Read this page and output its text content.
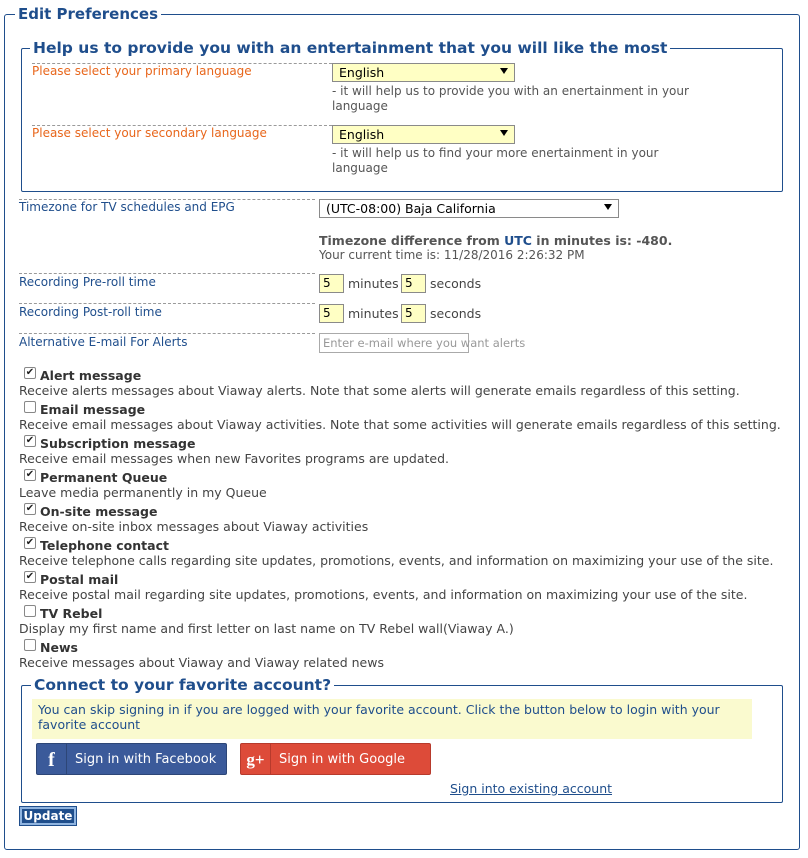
Edit Preferences
Help us to provide you with an entertainment that you will like the most
Please select your primary language	English
- it will help us to provide you with an enertainment in your language
Please select your secondary language	English
- it will help us to find your more enertainment in your language
Timezone for TV schedules and EPG	(UTC-08:00) Baja California
Timezone difference from UTC in minutes is: -480.
Your current time is: 11/28/2016 2:26:32 PM
Recording Pre-roll time	5	minutes 5	seconds
Recording Post-roll time	5	minutes 5	seconds
Alternative E-mail For Alerts	Enter e-mail where you want alerts
✔ Alert message
Receive alerts messages about Viaway alerts. Note that some alerts will generate emails regardless of this setting.
Email message
Receive email messages about Viaway activities. Note that some activities will generate emails regardless of this setting.
✔ Subscription message
Receive email messages when new Favorites programs are updated.
✔ Permanent Queue
Leave media permanently in my Queue
✔ On-site message
Receive on-site inbox messages about Viaway activities
✔ Telephone contact
Receive telephone calls regarding site updates, promotions, events, and information on maximizing your use of the site.
✔ Postal mail
Receive postal mail regarding site updates, promotions, events, and information on maximizing your use of the site.
TV Rebel
Display my first name and first letter on last name on TV Rebel wall(Viaway A.)
News
Receive messages about Viaway and Viaway related news
Connect to your favorite account?
You can skip signing in if you are logged with your favorite account. Click the button below to login with your favorite account
f	Sign in with Facebook	g+	Sign in with Google
Sign into existing account
Update
